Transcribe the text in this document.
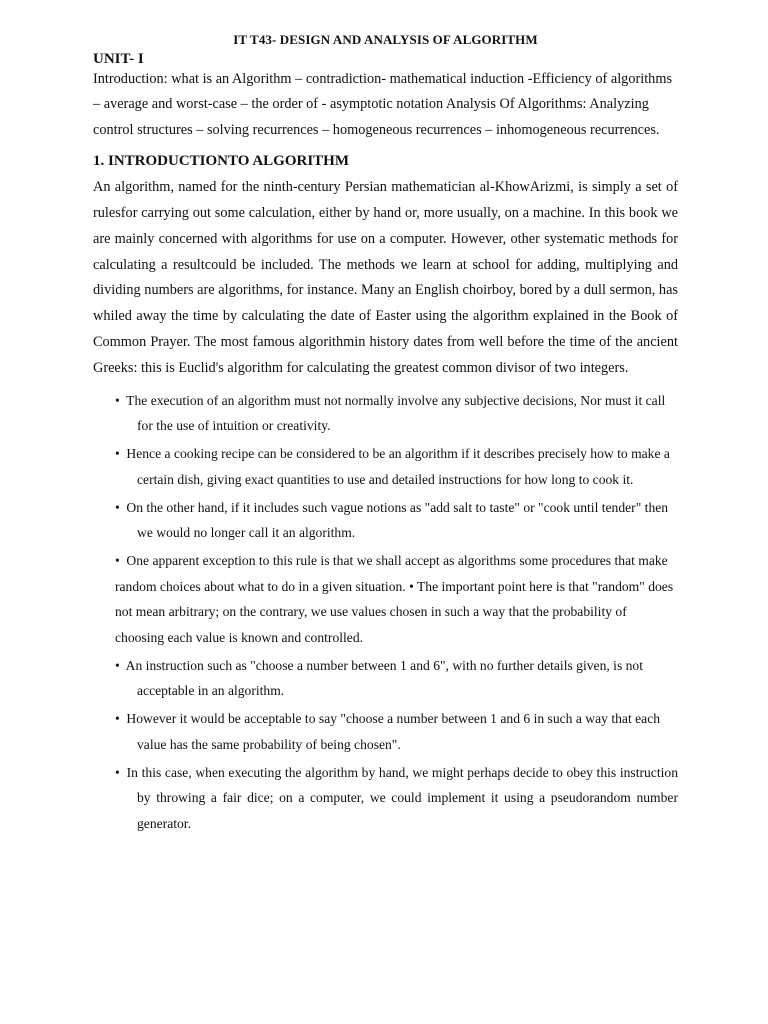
IT T43- DESIGN AND ANALYSIS OF ALGORITHM
UNIT- I

Introduction: what is an Algorithm – contradiction- mathematical induction -Efficiency of algorithms – average and worst-case – the order of - asymptotic notation Analysis Of Algorithms: Analyzing control structures – solving recurrences – homogeneous recurrences – inhomogeneous recurrences.

1. INTRODUCTIONTO ALGORITHM

An algorithm, named for the ninth-century Persian mathematician al-KhowArizmi, is simply a set of rulesfor carrying out some calculation, either by hand or, more usually, on a machine. In this book we are mainly concerned with algorithms for use on a computer. However, other systematic methods for calculating a resultcould be included. The methods we learn at school for adding, multiplying and dividing numbers are algorithms, for instance. Many an English choirboy, bored by a dull sermon, has whiled away the time by calculating the date of Easter using the algorithm explained in the Book of Common Prayer. The most famous algorithmin history dates from well before the time of the ancient Greeks: this is Euclid's algorithm for calculating the greatest common divisor of two integers.

• The execution of an algorithm must not normally involve any subjective decisions, Nor must it call for the use of intuition or creativity.
• Hence a cooking recipe can be considered to be an algorithm if it describes precisely how to make a certain dish, giving exact quantities to use and detailed instructions for how long to cook it.
• On the other hand, if it includes such vague notions as "add salt to taste" or "cook until tender" then we would no longer call it an algorithm.
• One apparent exception to this rule is that we shall accept as algorithms some procedures that make random choices about what to do in a given situation. • The important point here is that "random" does not mean arbitrary; on the contrary, we use values chosen in such a way that the probability of choosing each value is known and controlled.
• An instruction such as "choose a number between 1 and 6", with no further details given, is not acceptable in an algorithm.
• However it would be acceptable to say "choose a number between 1 and 6 in such a way that each value has the same probability of being chosen".
• In this case, when executing the algorithm by hand, we might perhaps decide to obey this instruction by throwing a fair dice; on a computer, we could implement it using a pseudorandom number generator.
